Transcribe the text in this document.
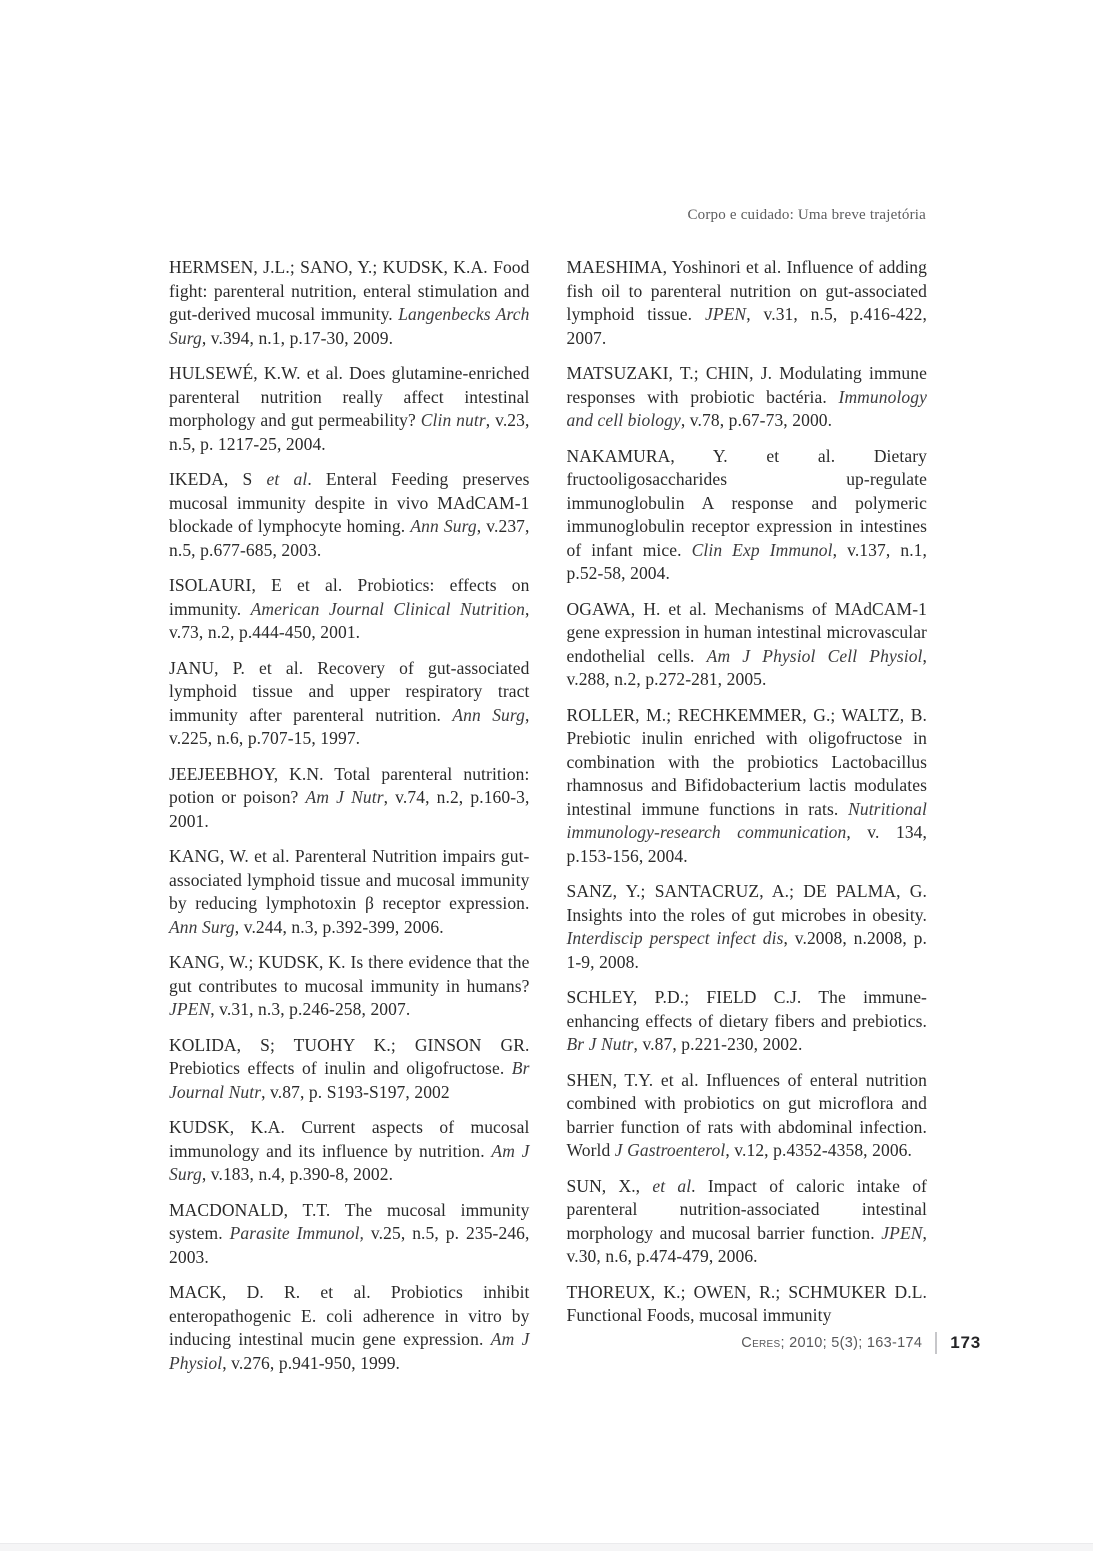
Corpo e cuidado: Uma breve trajetória

HERMSEN, J.L.; SANO, Y.; KUDSK, K.A. Food fight: parenteral nutrition, enteral stimulation and gut-derived mucosal immunity. Langenbecks Arch Surg, v.394, n.1, p.17-30, 2009.

HULSEWÉ, K.W. et al. Does glutamine-enriched parenteral nutrition really affect intestinal morphology and gut permeability? Clin nutr, v.23, n.5, p. 1217-25, 2004.

IKEDA, S et al. Enteral Feeding preserves mucosal immunity despite in vivo MAdCAM-1 blockade of lymphocyte homing. Ann Surg, v.237, n.5, p.677-685, 2003.

ISOLAURI, E et al. Probiotics: effects on immunity. American Journal Clinical Nutrition, v.73, n.2, p.444-450, 2001.

JANU, P. et al. Recovery of gut-associated lymphoid tissue and upper respiratory tract immunity after parenteral nutrition. Ann Surg, v.225, n.6, p.707-15, 1997.

JEEJEEBHOY, K.N. Total parenteral nutrition: potion or poison? Am J Nutr, v.74, n.2, p.160-3, 2001.

KANG, W. et al. Parenteral Nutrition impairs gut-associated lymphoid tissue and mucosal immunity by reducing lymphotoxin β receptor expression. Ann Surg, v.244, n.3, p.392-399, 2006.

KANG, W.; KUDSK, K. Is there evidence that the gut contributes to mucosal immunity in humans? JPEN, v.31, n.3, p.246-258, 2007.

KOLIDA, S; TUOHY K.; GINSON GR. Prebiotics effects of inulin and oligofructose. Br Journal Nutr, v.87, p. S193-S197, 2002

KUDSK, K.A. Current aspects of mucosal immunology and its influence by nutrition. Am J Surg, v.183, n.4, p.390-8, 2002.

MACDONALD, T.T. The mucosal immunity system. Parasite Immunol, v.25, n.5, p. 235-246, 2003.

MACK, D. R. et al. Probiotics inhibit enteropathogenic E. coli adherence in vitro by inducing intestinal mucin gene expression. Am J Physiol, v.276, p.941-950, 1999.

MAESHIMA, Yoshinori et al. Influence of adding fish oil to parenteral nutrition on gut-associated lymphoid tissue. JPEN, v.31, n.5, p.416-422, 2007.

MATSUZAKI, T.; CHIN, J. Modulating immune responses with probiotic bactéria. Immunology and cell biology, v.78, p.67-73, 2000.

NAKAMURA, Y. et al. Dietary fructooligosaccharides up-regulate immunoglobulin A response and polymeric immunoglobulin receptor expression in intestines of infant mice. Clin Exp Immunol, v.137, n.1, p.52-58, 2004.

OGAWA, H. et al. Mechanisms of MAdCAM-1 gene expression in human intestinal microvascular endothelial cells. Am J Physiol Cell Physiol, v.288, n.2, p.272-281, 2005.

ROLLER, M.; RECHKEMMER, G.; WALTZ, B. Prebiotic inulin enriched with oligofructose in combination with the probiotics Lactobacillus rhamnosus and Bifidobacterium lactis modulates intestinal immune functions in rats. Nutritional immunology-research communication, v. 134, p.153-156, 2004.

SANZ, Y.; SANTACRUZ, A.; DE PALMA, G. Insights into the roles of gut microbes in obesity. Interdiscip perspect infect dis, v.2008, n.2008, p. 1-9, 2008.

SCHLEY, P.D.; FIELD C.J. The immune-enhancing effects of dietary fibers and prebiotics. Br J Nutr, v.87, p.221-230, 2002.

SHEN, T.Y. et al. Influences of enteral nutrition combined with probiotics on gut microflora and barrier function of rats with abdominal infection. World J Gastroenterol, v.12, p.4352-4358, 2006.

SUN, X., et al. Impact of caloric intake of parenteral nutrition-associated intestinal morphology and mucosal barrier function. JPEN, v.30, n.6, p.474-479, 2006.

THOREUX, K.; OWEN, R.; SCHMUKER D.L. Functional Foods, mucosal immunity

Ceres; 2010; 5(3); 163-174 173
